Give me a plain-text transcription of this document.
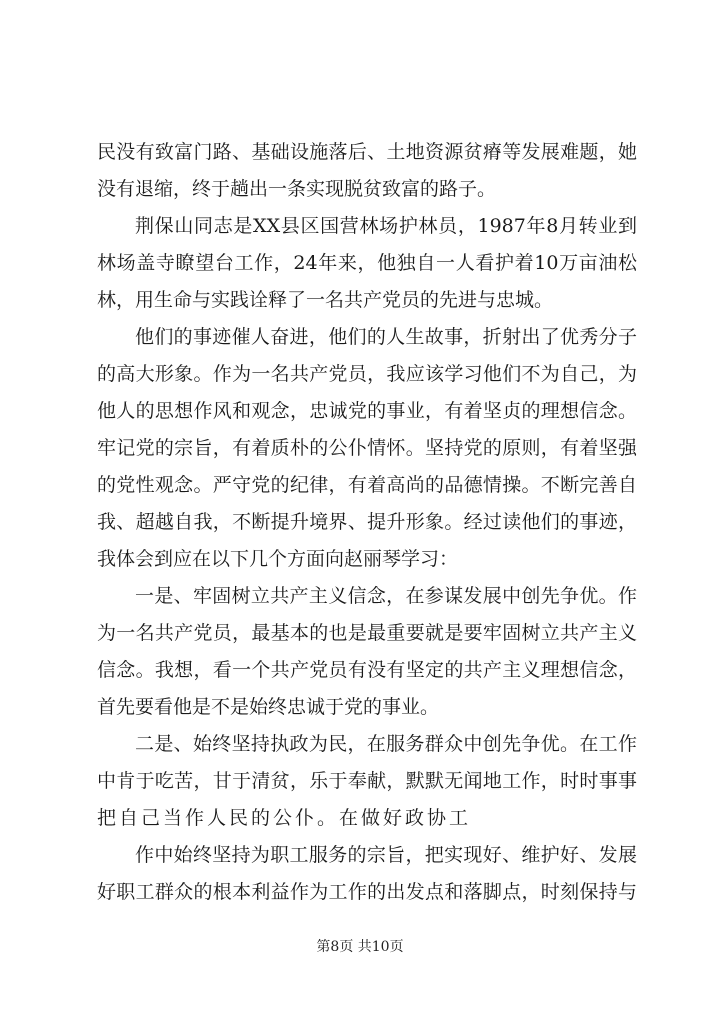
民没有致富门路、基础设施落后、土地资源贫瘠等发展难题，她
没有退缩，终于趟出一条实现脱贫致富的路子。
荆保山同志是XX县区国营林场护林员，1987年8月转业到
林场盖寺瞭望台工作，24年来，他独自一人看护着10万亩油松
林，用生命与实践诠释了一名共产党员的先进与忠城。
他们的事迹催人奋进，他们的人生故事，折射出了优秀分子
的高大形象。作为一名共产党员，我应该学习他们不为自己，为
他人的思想作风和观念，忠诚党的事业，有着坚贞的理想信念。
牢记党的宗旨，有着质朴的公仆情怀。坚持党的原则，有着坚强
的党性观念。严守党的纪律，有着高尚的品德情操。不断完善自
我、超越自我，不断提升境界、提升形象。经过读他们的事迹，
我体会到应在以下几个方面向赵丽琴学习：
一是、牢固树立共产主义信念，在参谋发展中创先争优。作
为一名共产党员，最基本的也是最重要就是要牢固树立共产主义
信念。我想，看一个共产党员有没有坚定的共产主义理想信念，
首先要看他是不是始终忠诚于党的事业。
二是、始终坚持执政为民，在服务群众中创先争优。在工作
中肯于吃苦，甘于清贫，乐于奉献，默默无闻地工作，时时事事
把自己当作人民的公仆。在做好政协工
作中始终坚持为职工服务的宗旨，把实现好、维护好、发展
好职工群众的根本利益作为工作的出发点和落脚点，时刻保持与
第8页 共10页
